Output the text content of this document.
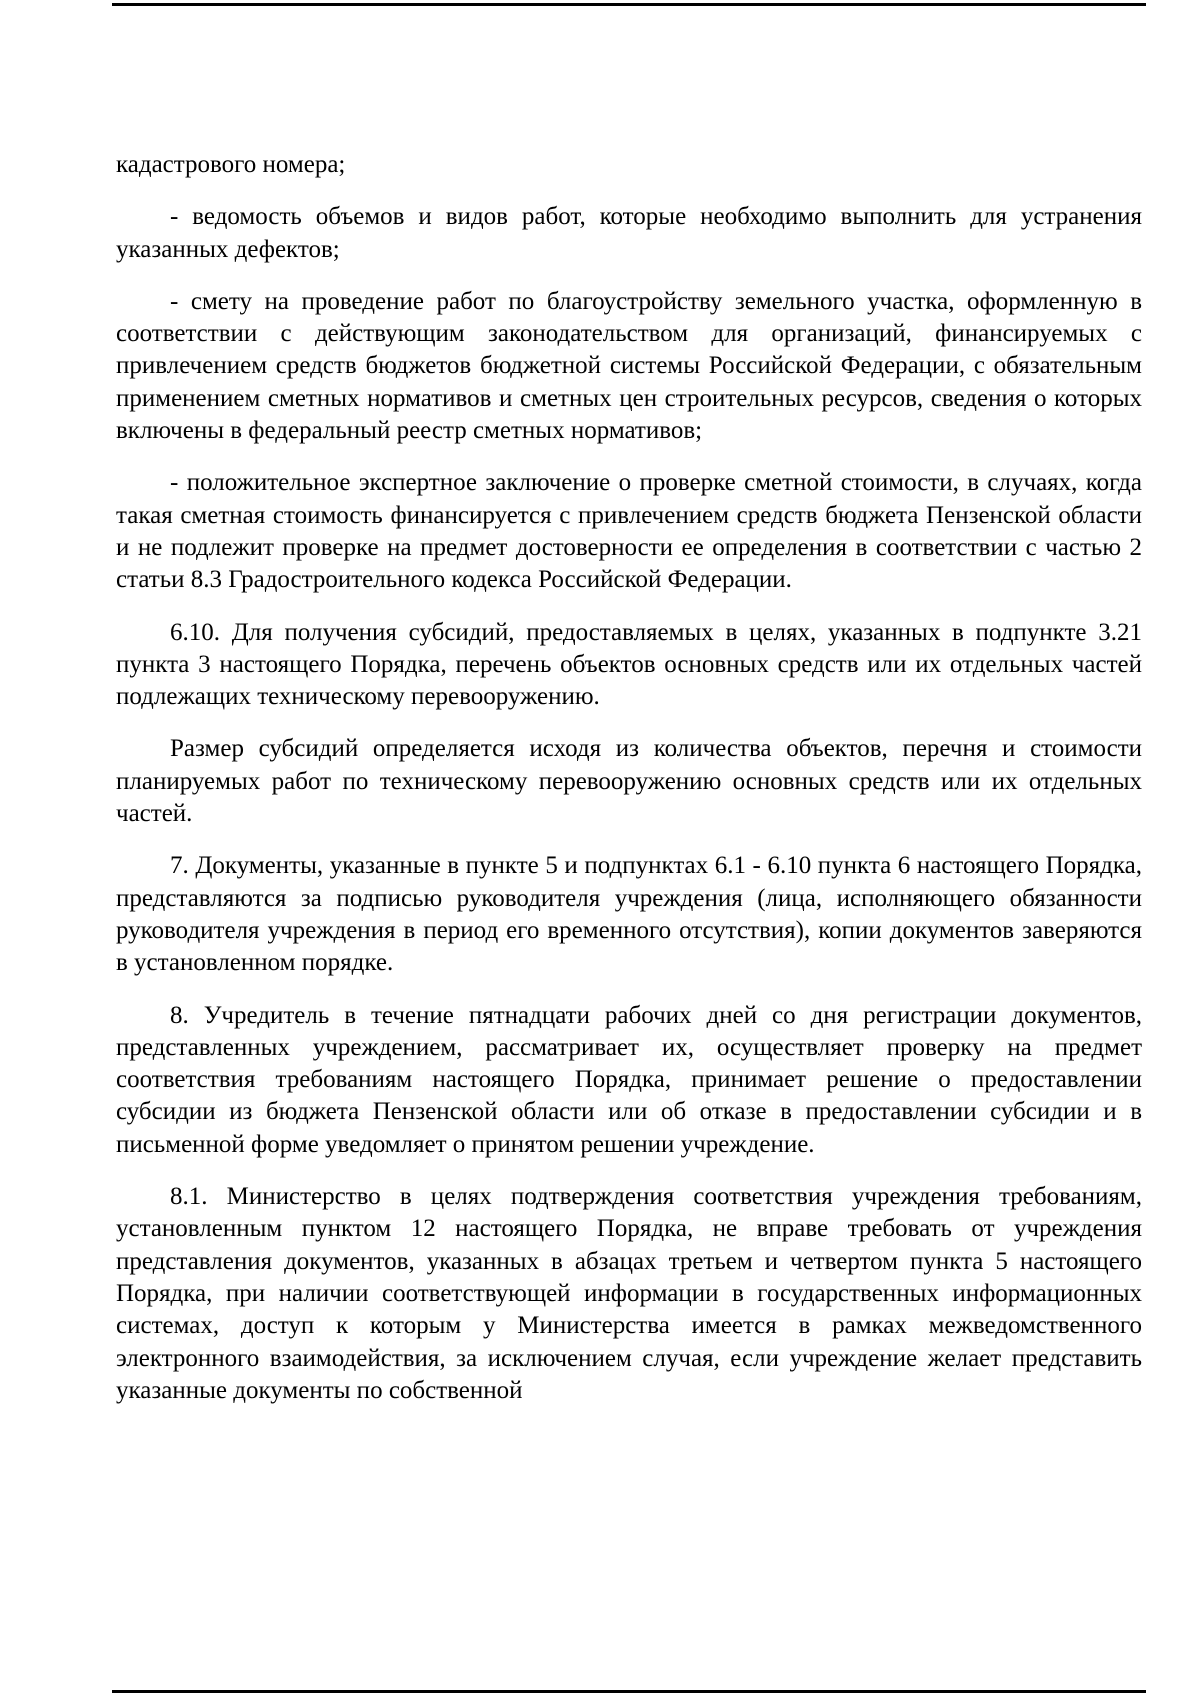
кадастрового номера;

- ведомость объемов и видов работ, которые необходимо выполнить для устранения указанных дефектов;

- смету на проведение работ по благоустройству земельного участка, оформленную в соответствии с действующим законодательством для организаций, финансируемых с привлечением средств бюджетов бюджетной системы Российской Федерации, с обязательным применением сметных нормативов и сметных цен строительных ресурсов, сведения о которых включены в федеральный реестр сметных нормативов;

- положительное экспертное заключение о проверке сметной стоимости, в случаях, когда такая сметная стоимость финансируется с привлечением средств бюджета Пензенской области и не подлежит проверке на предмет достоверности ее определения в соответствии с частью 2 статьи 8.3 Градостроительного кодекса Российской Федерации.

6.10. Для получения субсидий, предоставляемых в целях, указанных в подпункте 3.21 пункта 3 настоящего Порядка, перечень объектов основных средств или их отдельных частей подлежащих техническому перевооружению.

Размер субсидий определяется исходя из количества объектов, перечня и стоимости планируемых работ по техническому перевооружению основных средств или их отдельных частей.

7. Документы, указанные в пункте 5 и подпунктах 6.1 - 6.10 пункта 6 настоящего Порядка, представляются за подписью руководителя учреждения (лица, исполняющего обязанности руководителя учреждения в период его временного отсутствия), копии документов заверяются в установленном порядке.

8. Учредитель в течение пятнадцати рабочих дней со дня регистрации документов, представленных учреждением, рассматривает их, осуществляет проверку на предмет соответствия требованиям настоящего Порядка, принимает решение о предоставлении субсидии из бюджета Пензенской области или об отказе в предоставлении субсидии и в письменной форме уведомляет о принятом решении учреждение.

8.1. Министерство в целях подтверждения соответствия учреждения требованиям, установленным пунктом 12 настоящего Порядка, не вправе требовать от учреждения представления документов, указанных в абзацах третьем и четвертом пункта 5 настоящего Порядка, при наличии соответствующей информации в государственных информационных системах, доступ к которым у Министерства имеется в рамках межведомственного электронного взаимодействия, за исключением случая, если учреждение желает представить указанные документы по собственной
